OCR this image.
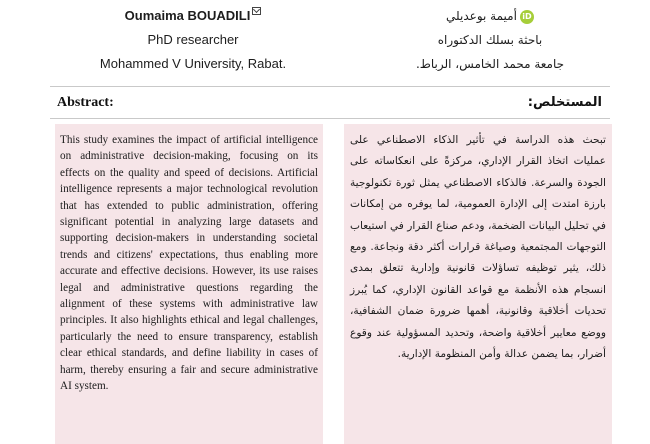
Oumaima BOUADILI
PhD researcher
Mohammed V University, Rabat.
iDأميمة بوعديلي
باحثة بسلك الدكتوراه
جامعة محمد الخامس، الرباط.
Abstract:	المستخلص:
This study examines the impact of artificial intelligence on administrative decision-making, focusing on its effects on the quality and speed of decisions. Artificial intelligence represents a major technological revolution that has extended to public administration, offering significant potential in analyzing large datasets and supporting decision-makers in understanding societal trends and citizens' expectations, thus enabling more accurate and effective decisions. However, its use raises legal and administrative questions regarding the alignment of these systems with administrative law principles. It also highlights ethical and legal challenges, particularly the need to ensure transparency, establish clear ethical standards, and define liability in cases of harm, thereby ensuring a fair and secure administrative AI system.
تبحث هذه الدراسة في تأثير الذكاء الاصطناعي على عمليات اتخاذ القرار الإداري، مركزةً على انعكاساته على الجودة والسرعة. فالذكاء الاصطناعي يمثل ثورة تكنولوجية بارزة امتدت إلى الإدارة العمومية، لما يوفره من إمكانات في تحليل البيانات الضخمة، ودعم صناع القرار في استيعاب التوجهات المجتمعية وصياغة قرارات أكثر دقة ونجاعة. ومع ذلك، يثير توظيفه تساؤلات قانونية وإدارية تتعلق بمدى انسجام هذه الأنظمة مع قواعد القانون الإداري، كما يُبرز تحديات أخلاقية وقانونية، أهمها ضرورة ضمان الشفافية، ووضع معايير أخلاقية واضحة، وتحديد المسؤولية عند وقوع أضرار، بما يضمن عدالة وأمن المنظومة الإدارية.
